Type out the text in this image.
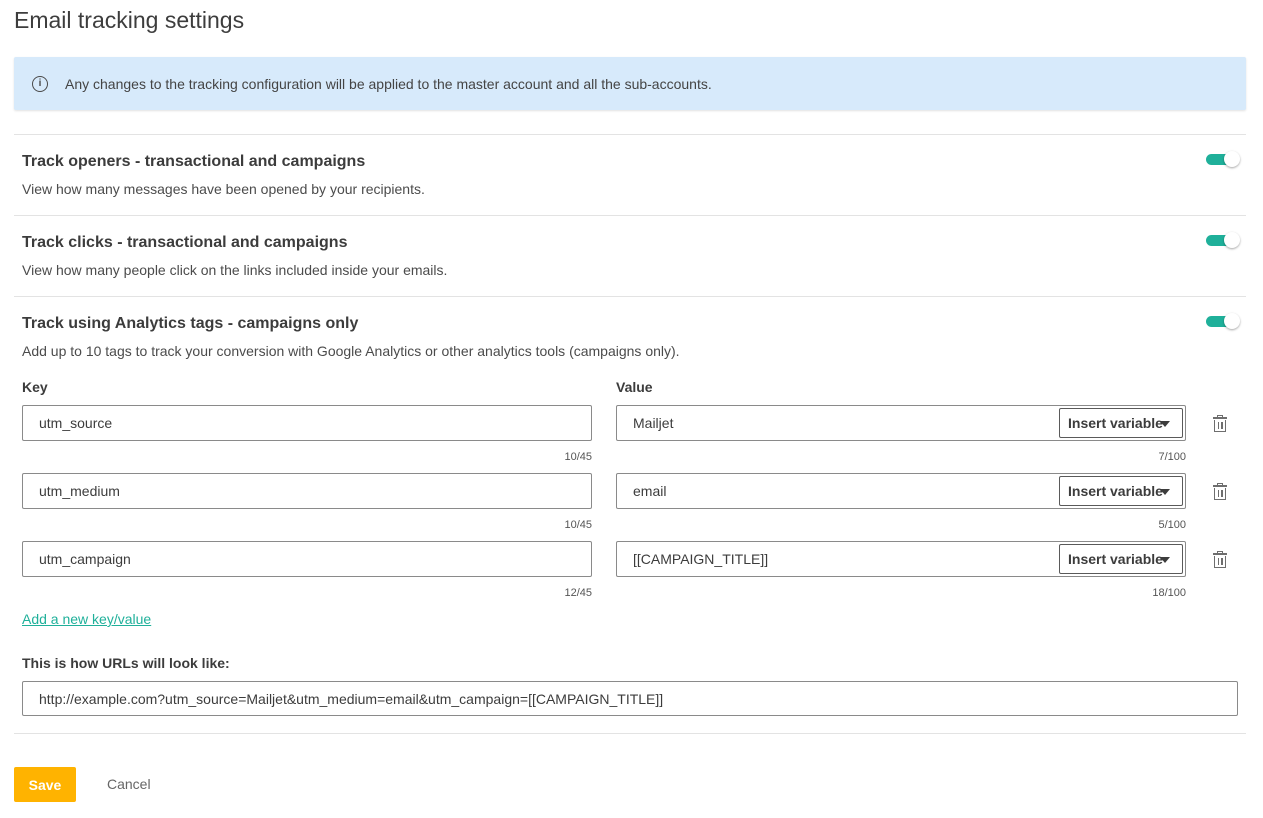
Email tracking settings
i	Any changes to the tracking configuration will be applied to the master account and all the sub-accounts.
Track openers - transactional and campaigns
View how many messages have been opened by your recipients.
Track clicks - transactional and campaigns
View how many people click on the links included inside your emails.
Track using Analytics tags - campaigns only
Add up to 10 tags to track your conversion with Google Analytics or other analytics tools (campaigns only).
Key	Value
utm_source	Mailjet	Insert variable
10/45	7/100
utm_medium	email	Insert variable
10/45	5/100
utm_campaign	[[CAMPAIGN_TITLE]]	Insert variable
12/45	18/100
Add a new key/value
This is how URLs will look like:
http://example.com?utm_source=Mailjet&utm_medium=email&utm_campaign=[[CAMPAIGN_TITLE]]
Save	Cancel
